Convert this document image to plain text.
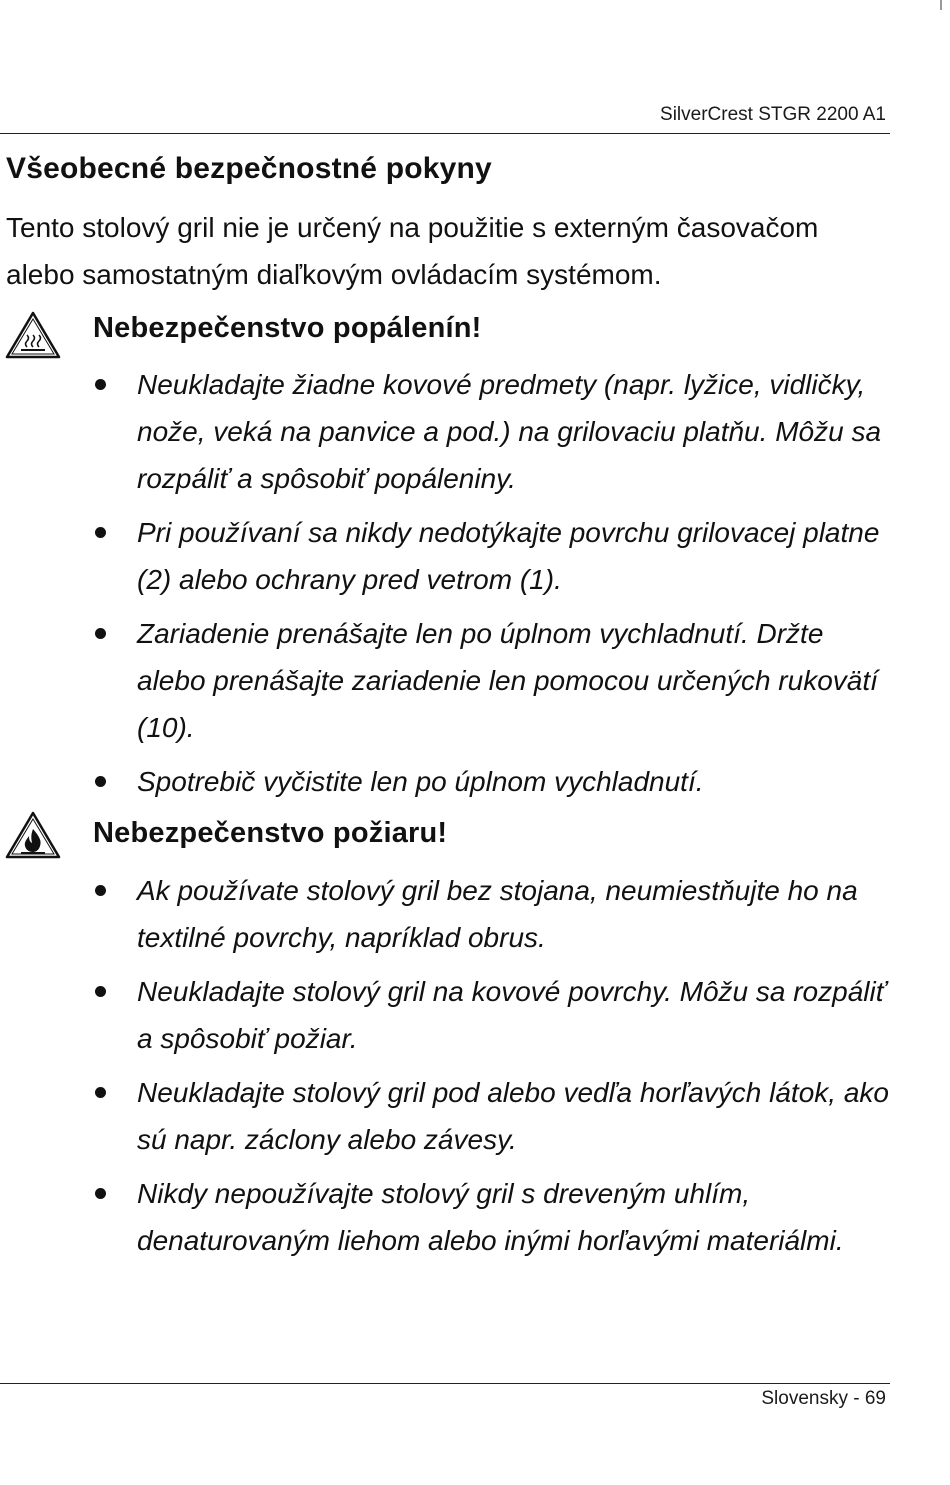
SilverCrest STGR 2200 A1
Všeobecné bezpečnostné pokyny

Tento stolový gril nie je určený na použitie s externým časovačom alebo samostatným diaľkovým ovládacím systémom.

Nebezpečenstvo popálenín!
Neukladajte žiadne kovové predmety (napr. lyžice, vidličky, nože, veká na panvice a pod.) na grilovaciu platňu. Môžu sa rozpáliť a spôsobiť popáleniny.
Pri používaní sa nikdy nedotýkajte povrchu grilovacej platne (2) alebo ochrany pred vetrom (1).
Zariadenie prenášajte len po úplnom vychladnutí. Držte alebo prenášajte zariadenie len pomocou určených rukovätí (10).
Spotrebič vyčistite len po úplnom vychladnutí.
Nebezpečenstvo požiaru!
Ak používate stolový gril bez stojana, neumiestňujte ho na textilné povrchy, napríklad obrus.
Neukladajte stolový gril na kovové povrchy. Môžu sa rozpáliť a spôsobiť požiar.
Neukladajte stolový gril pod alebo vedľa horľavých látok, ako sú napr. záclony alebo závesy.
Nikdy nepoužívajte stolový gril s dreveným uhlím, denaturovaným liehom alebo inými horľavými materiálmi.
Slovensky - 69
